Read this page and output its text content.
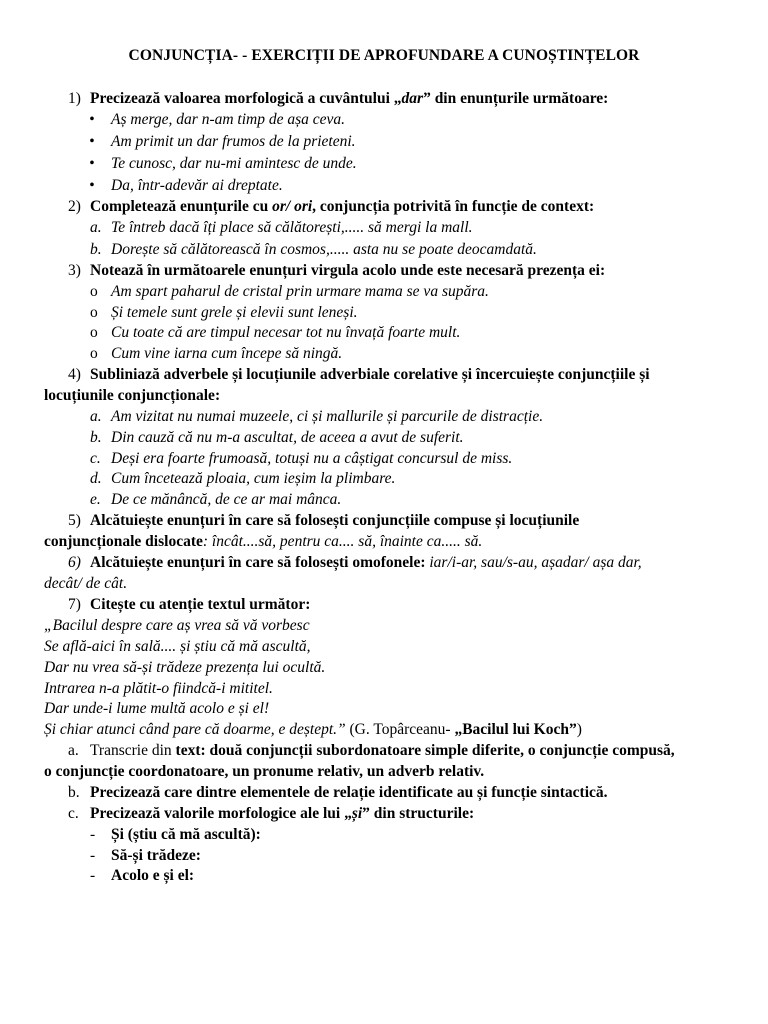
CONJUNCȚIA- - EXERCIȚII DE APROFUNDARE A CUNOȘTINȚELOR
1) Precizează valoarea morfologică a cuvântului „dar” din enunțurile următoare:
• Aș merge, dar n-am timp de așa ceva.
• Am primit un dar frumos de la prieteni.
• Te cunosc, dar nu-mi amintesc de unde.
• Da, într-adevăr ai dreptate.
2) Completează enunțurile cu or/ ori, conjuncția potrivită în funcție de context:
a. Te întreb dacă îți place să călătorești,..... să mergi la mall.
b. Dorește să călătorească în cosmos,..... asta nu se poate deocamdată.
3) Notează în următoarele enunțuri virgula acolo unde este necesară prezența ei:
o Am spart paharul de cristal prin urmare mama se va supăra.
o Și temele sunt grele și elevii sunt leneși.
o Cu toate că are timpul necesar tot nu învață foarte mult.
o Cum vine iarna cum începe să ningă.
4) Subliniază adverbele și locuțiunile adverbiale corelative și încercuiește conjuncțiile și
locuțiunile conjuncționale:
a. Am vizitat nu numai muzeele, ci și mallurile și parcurile de distracție.
b. Din cauză că nu m-a ascultat, de aceea a avut de suferit.
c. Deși era foarte frumoasă, totuși nu a câștigat concursul de miss.
d. Cum încetează ploaia, cum ieșim la plimbare.
e. De ce mănâncă, de ce ar mai mânca.
5) Alcătuiește enunțuri în care să folosești conjuncțiile compuse și locuțiunile
conjuncționale dislocate: încât....să, pentru ca.... să, înainte ca..... să.
6) Alcătuiește enunțuri în care să folosești omofonele: iar/i-ar, sau/s-au, așadar/ așa dar,
decât/ de cât.
7) Citește cu atenție textul următor:
„Bacilul despre care aș vrea să vă vorbesc
Se află-aici în sală.... și știu că mă ascultă,
Dar nu vrea să-și trădeze prezența lui ocultă.
Intrarea n-a plătit-o fiindcă-i mititel.
Dar unde-i lume multă acolo e și el!
Și chiar atunci când pare că doarme, e deștept.” (G. Topârceanu- „Bacilul lui Koch”)
a. Transcrie din text: două conjuncții subordonatoare simple diferite, o conjuncție compusă,
o conjuncție coordonatoare, un pronume relativ, un adverb relativ.
b. Precizează care dintre elementele de relație identificate au și funcție sintactică.
c. Precizează valorile morfologice ale lui „și” din structurile:
- Și (știu că mă ascultă):
- Să-și trădeze:
- Acolo e și el:
